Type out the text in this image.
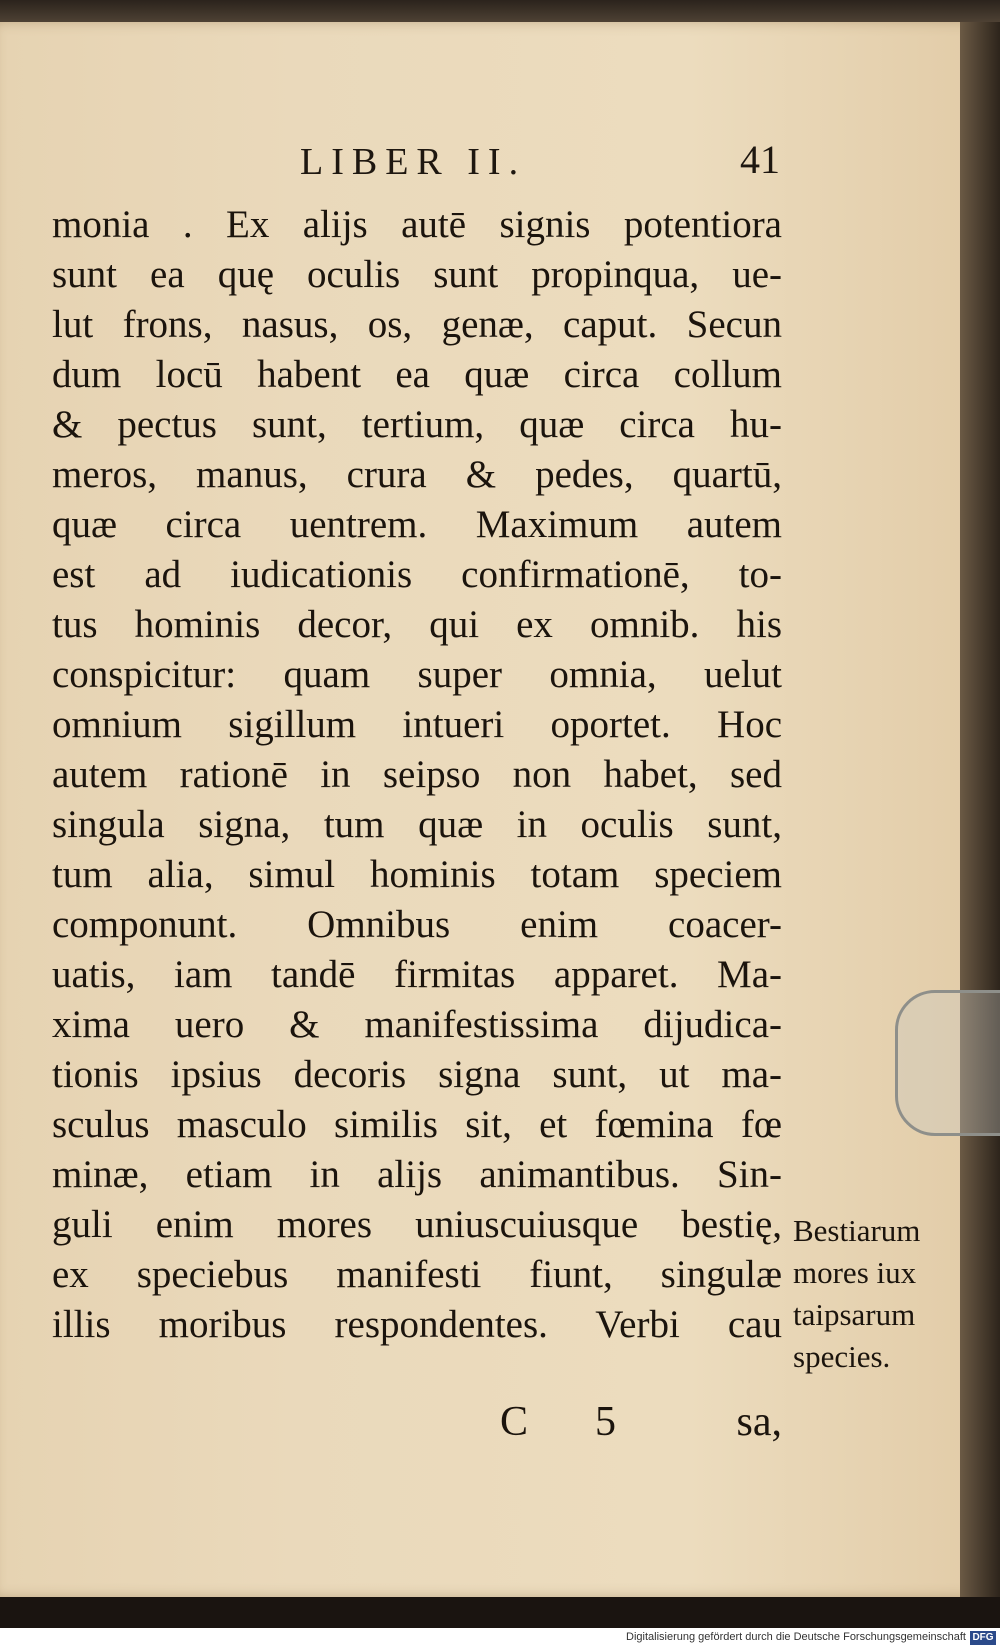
LIBER II.	41
monia . Ex alijs autē signis potentiora
sunt ea quę oculis sunt propinqua, ue-
lut frons, nasus, os, genæ, caput. Secun
dum locū habent ea quæ circa collum
& pectus sunt, tertium, quæ circa hu-
meros, manus, crura & pedes, quartū,
quæ circa uentrem. Maximum autem
est ad iudicationis confirmationē, to-
tus hominis decor, qui ex omnib. his
conspicitur: quam super omnia, uelut
omnium sigillum intueri oportet. Hoc
autem rationē in seipso non habet, sed
singula signa, tum quæ in oculis sunt,
tum alia, simul hominis totam speciem
componunt. Omnibus enim coacer-
uatis, iam tandē firmitas apparet. Ma-
xima uero & manifestissima dijudica-
tionis ipsius decoris signa sunt, ut ma-
sculus masculo similis sit, et fœmina fœ
minæ, etiam in alijs animantibus. Sin-
guli enim mores uniuscuiusque bestię,
ex speciebus manifesti fiunt, singulæ
illis moribus respondentes. Verbi cau
C 5	sa,
Bestiarum
mores iux
taipsarum
species.
Digitalisierung gefördert durch die Deutsche Forschungsgemeinschaft DFG
